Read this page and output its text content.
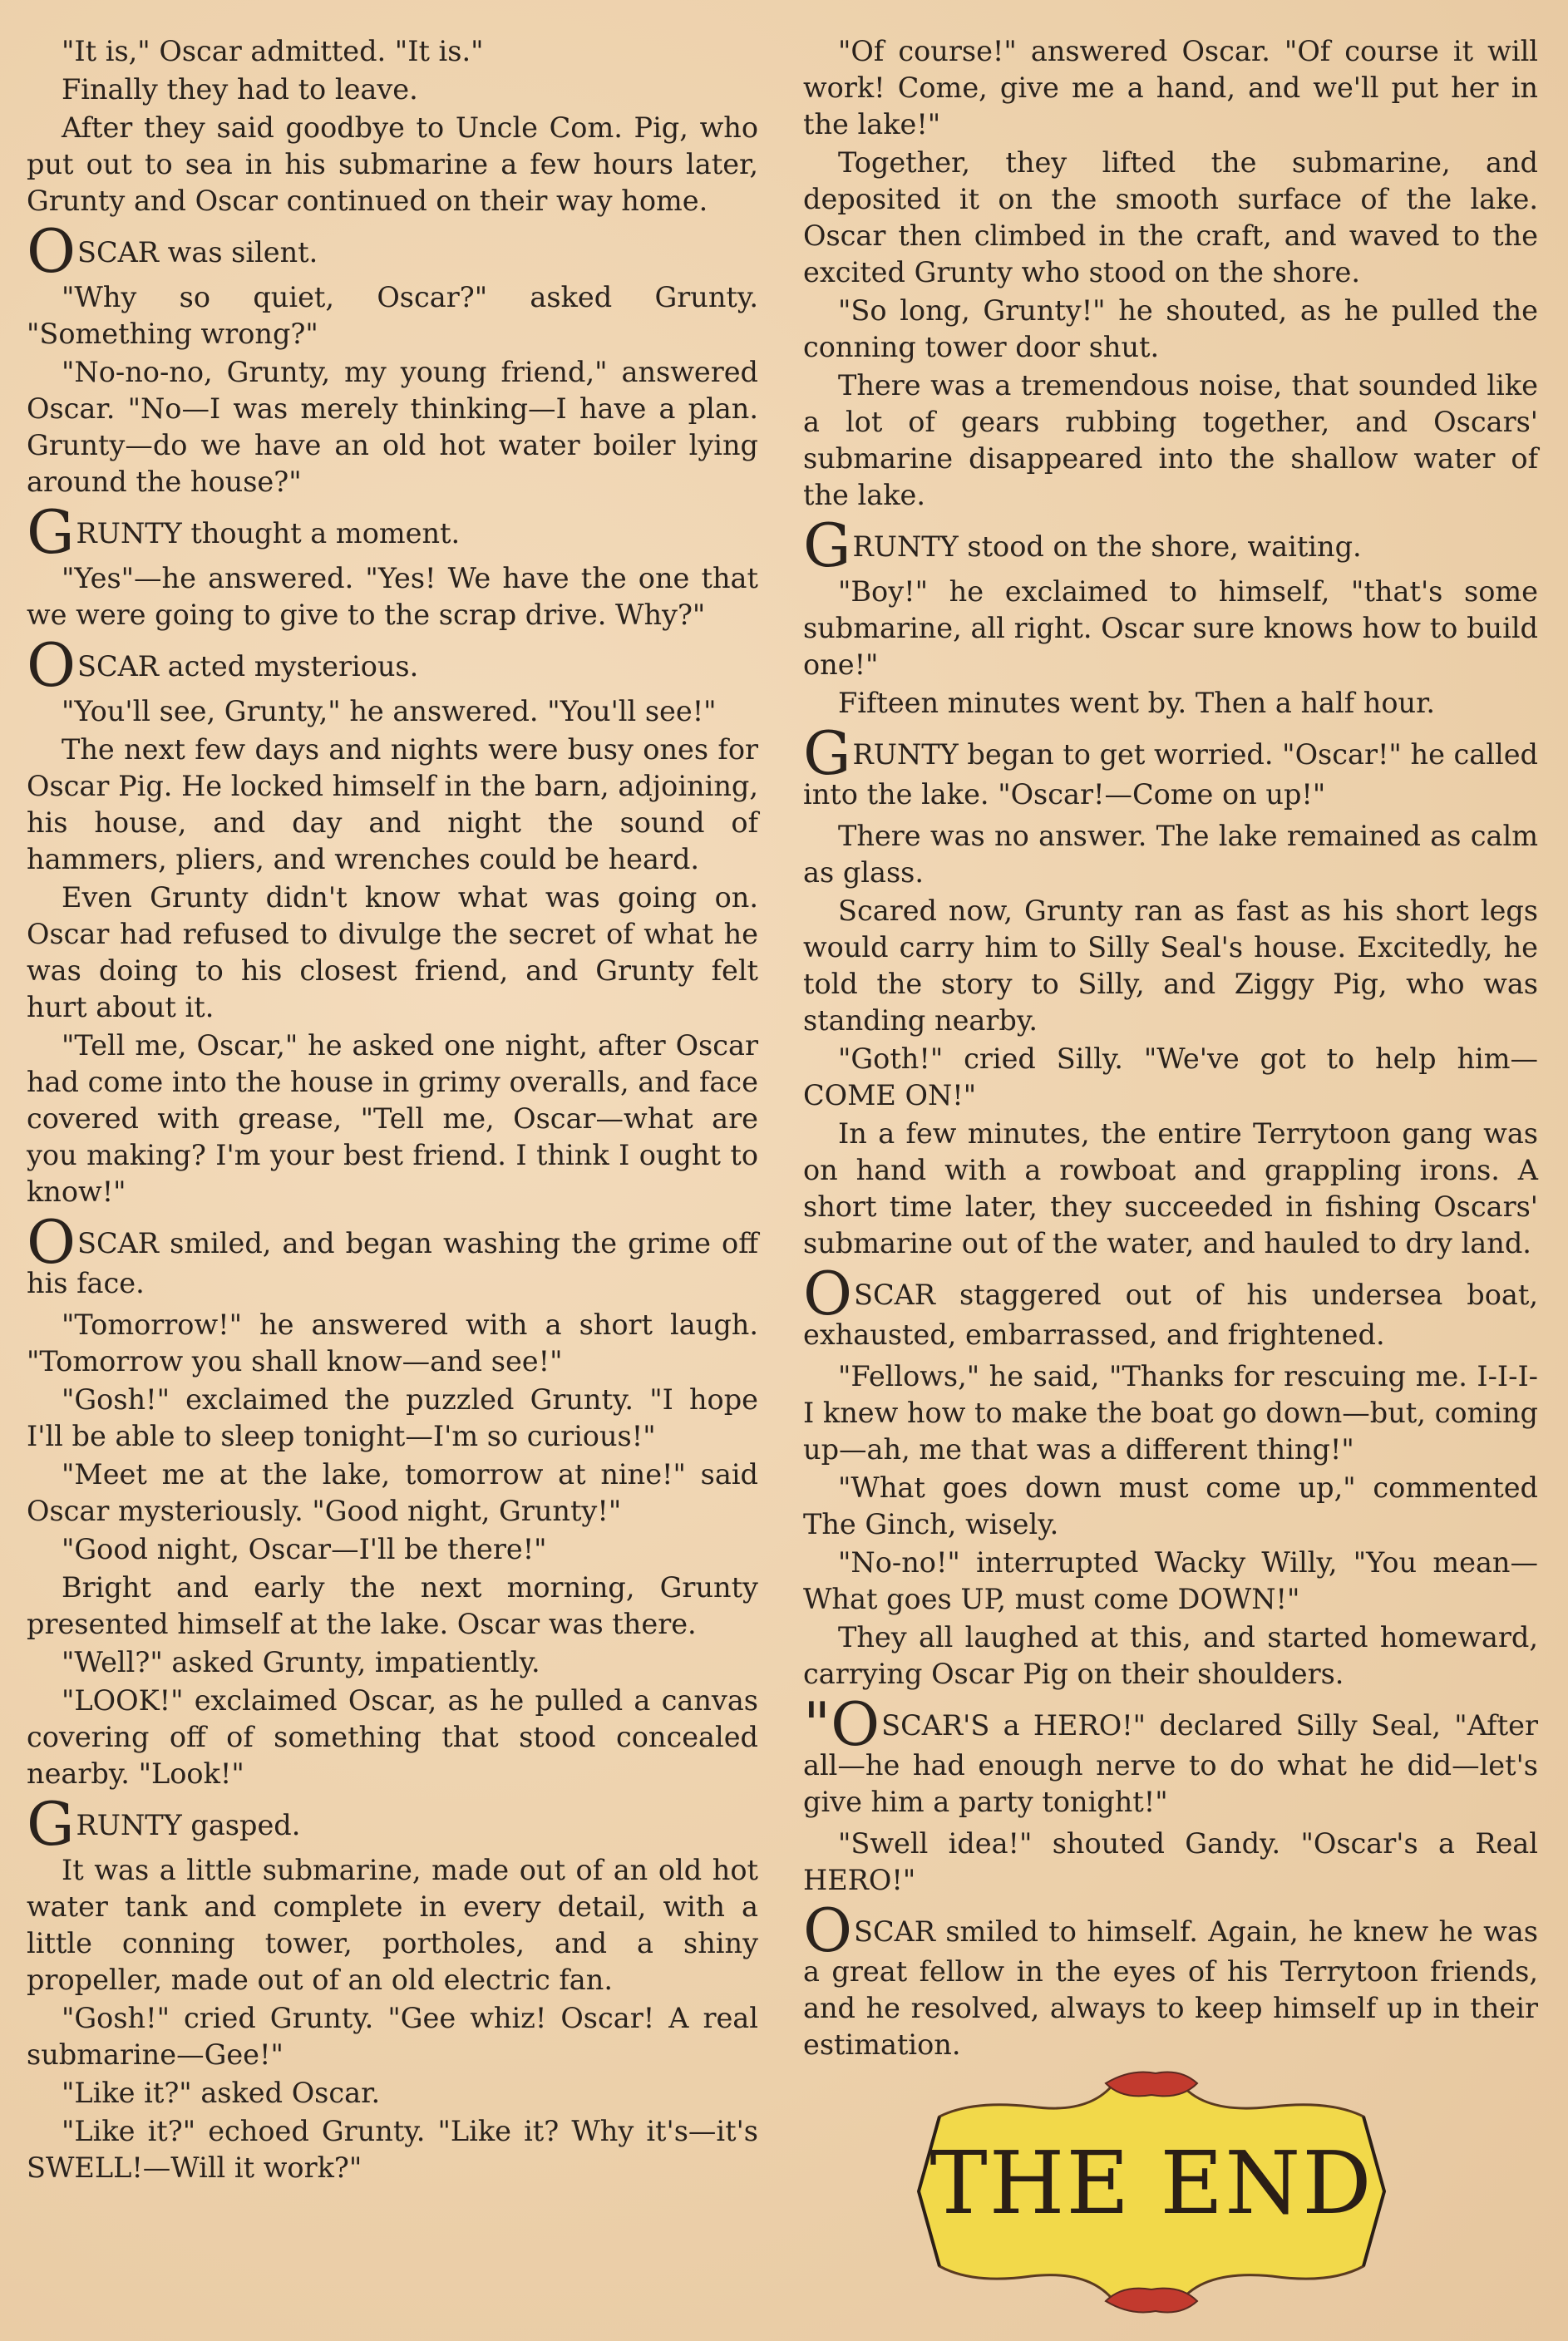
"It is," Oscar admitted. "It is."

Finally they had to leave.

After they said goodbye to Uncle Com. Pig, who put out to sea in his submarine a few hours later, Grunty and Oscar continued on their way home.

OSCAR was silent.

"Why so quiet, Oscar?" asked Grunty. "Something wrong?"

"No-no-no, Grunty, my young friend," answered Oscar. "No—I was merely thinking—I have a plan. Grunty—do we have an old hot water boiler lying around the house?"

GRUNTY thought a moment.

"Yes"—he answered. "Yes! We have the one that we were going to give to the scrap drive. Why?"

OSCAR acted mysterious.

"You'll see, Grunty," he answered. "You'll see!"

The next few days and nights were busy ones for Oscar Pig. He locked himself in the barn, adjoining, his house, and day and night the sound of hammers, pliers, and wrenches could be heard.

Even Grunty didn't know what was going on. Oscar had refused to divulge the secret of what he was doing to his closest friend, and Grunty felt hurt about it.

"Tell me, Oscar," he asked one night, after Oscar had come into the house in grimy overalls, and face covered with grease, "Tell me, Oscar—what are you making? I'm your best friend. I think I ought to know!"

OSCAR smiled, and began washing the grime off his face.

"Tomorrow!" he answered with a short laugh. "Tomorrow you shall know—and see!"

"Gosh!" exclaimed the puzzled Grunty. "I hope I'll be able to sleep tonight—I'm so curious!"

"Meet me at the lake, tomorrow at nine!" said Oscar mysteriously. "Good night, Grunty!"

"Good night, Oscar—I'll be there!"

Bright and early the next morning, Grunty presented himself at the lake. Oscar was there.

"Well?" asked Grunty, impatiently.

"LOOK!" exclaimed Oscar, as he pulled a canvas covering off of something that stood concealed nearby. "Look!"

GRUNTY gasped.

It was a little submarine, made out of an old hot water tank and complete in every detail, with a little conning tower, portholes, and a shiny propeller, made out of an old electric fan.

"Gosh!" cried Grunty. "Gee whiz! Oscar! A real submarine—Gee!"

"Like it?" asked Oscar.

"Like it?" echoed Grunty. "Like it? Why it's—it's SWELL!—Will it work?"

"Of course!" answered Oscar. "Of course it will work! Come, give me a hand, and we'll put her in the lake!"

Together, they lifted the submarine, and deposited it on the smooth surface of the lake. Oscar then climbed in the craft, and waved to the excited Grunty who stood on the shore.

"So long, Grunty!" he shouted, as he pulled the conning tower door shut.

There was a tremendous noise, that sounded like a lot of gears rubbing together, and Oscars' submarine disappeared into the shallow water of the lake.

GRUNTY stood on the shore, waiting.

"Boy!" he exclaimed to himself, "that's some submarine, all right. Oscar sure knows how to build one!"

Fifteen minutes went by. Then a half hour.

GRUNTY began to get worried. "Oscar!" he called into the lake. "Oscar!—Come on up!"

There was no answer. The lake remained as calm as glass.

Scared now, Grunty ran as fast as his short legs would carry him to Silly Seal's house. Excitedly, he told the story to Silly, and Ziggy Pig, who was standing nearby.

"Goth!" cried Silly. "We've got to help him—COME ON!"

In a few minutes, the entire Terrytoon gang was on hand with a rowboat and grappling irons. A short time later, they succeeded in fishing Oscars' submarine out of the water, and hauled to dry land.

OSCAR staggered out of his undersea boat, exhausted, embarrassed, and frightened.

"Fellows," he said, "Thanks for rescuing me. I-I-I-I knew how to make the boat go down—but, coming up—ah, me that was a different thing!"

"What goes down must come up," commented The Ginch, wisely.

"No-no!" interrupted Wacky Willy, "You mean—What goes UP, must come DOWN!"

They all laughed at this, and started homeward, carrying Oscar Pig on their shoulders.

"OSCAR'S a HERO!" declared Silly Seal, "After all—he had enough nerve to do what he did—let's give him a party tonight!"

"Swell idea!" shouted Gandy. "Oscar's a Real HERO!"

OSCAR smiled to himself. Again, he knew he was a great fellow in the eyes of his Terrytoon friends, and he resolved, always to keep himself up in their estimation.

THE END
